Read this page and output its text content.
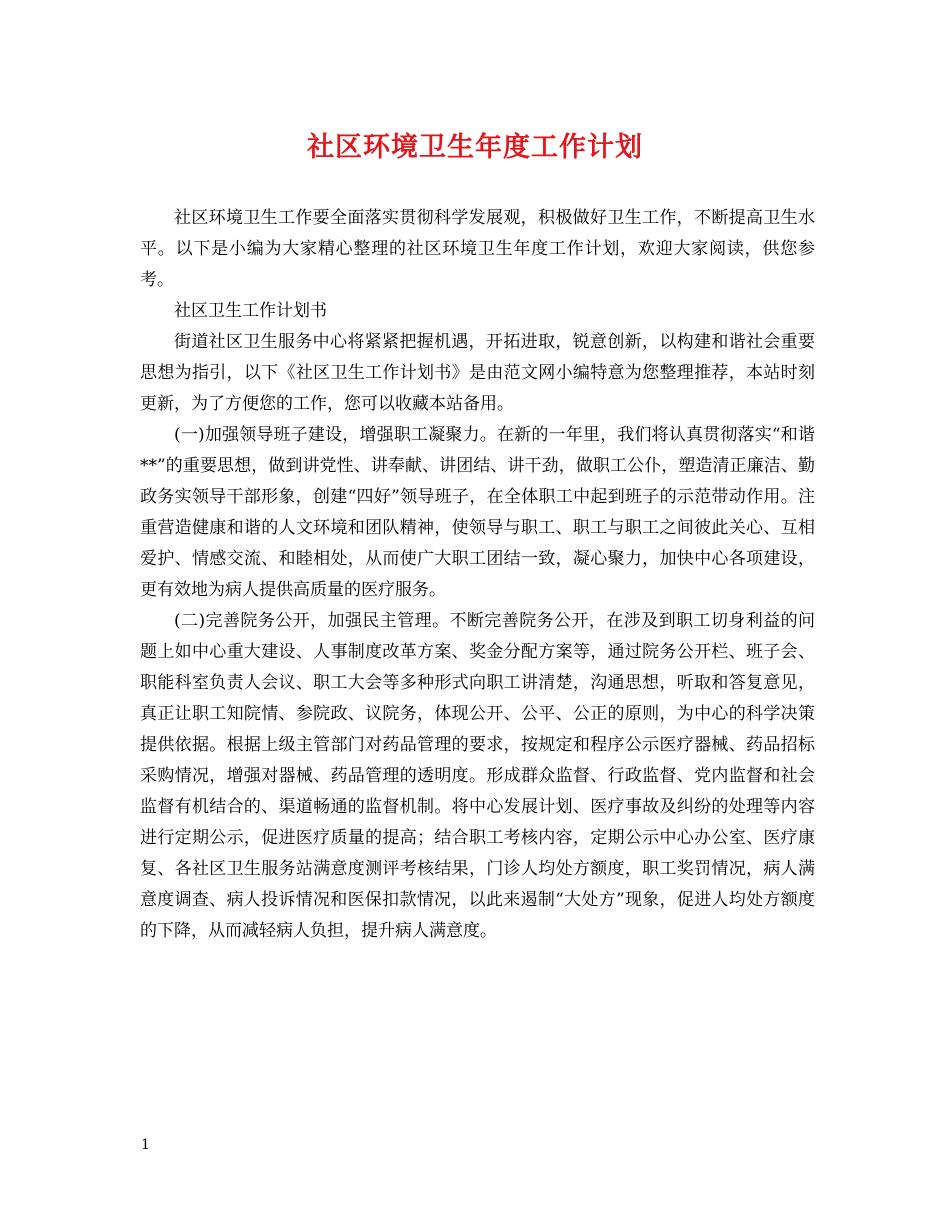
社区环境卫生年度工作计划

社区环境卫生工作要全面落实贯彻科学发展观，积极做好卫生工作，不断提高卫生水平。以下是小编为大家精心整理的社区环境卫生年度工作计划，欢迎大家阅读，供您参考。

社区卫生工作计划书

街道社区卫生服务中心将紧紧把握机遇，开拓进取，锐意创新，以构建和谐社会重要思想为指引，以下《社区卫生工作计划书》是由范文网小编特意为您整理推荐，本站时刻更新，为了方便您的工作，您可以收藏本站备用。

(一)加强领导班子建设，增强职工凝聚力。在新的一年里，我们将认真贯彻落实“和谐**”的重要思想，做到讲党性、讲奉献、讲团结、讲干劲，做职工公仆，塑造清正廉洁、勤政务实领导干部形象，创建“四好”领导班子，在全体职工中起到班子的示范带动作用。注重营造健康和谐的人文环境和团队精神，使领导与职工、职工与职工之间彼此关心、互相爱护、情感交流、和睦相处，从而使广大职工团结一致，凝心聚力，加快中心各项建设，更有效地为病人提供高质量的医疗服务。

(二)完善院务公开，加强民主管理。不断完善院务公开，在涉及到职工切身利益的问题上如中心重大建设、人事制度改革方案、奖金分配方案等，通过院务公开栏、班子会、职能科室负责人会议、职工大会等多种形式向职工讲清楚，沟通思想，听取和答复意见，真正让职工知院情、参院政、议院务，体现公开、公平、公正的原则，为中心的科学决策提供依据。根据上级主管部门对药品管理的要求，按规定和程序公示医疗器械、药品招标采购情况，增强对器械、药品管理的透明度。形成群众监督、行政监督、党内监督和社会监督有机结合的、渠道畅通的监督机制。将中心发展计划、医疗事故及纠纷的处理等内容进行定期公示，促进医疗质量的提高；结合职工考核内容，定期公示中心办公室、医疗康复、各社区卫生服务站满意度测评考核结果，门诊人均处方额度，职工奖罚情况，病人满意度调查、病人投诉情况和医保扣款情况，以此来遏制“大处方”现象，促进人均处方额度的下降，从而减轻病人负担，提升病人满意度。

1
